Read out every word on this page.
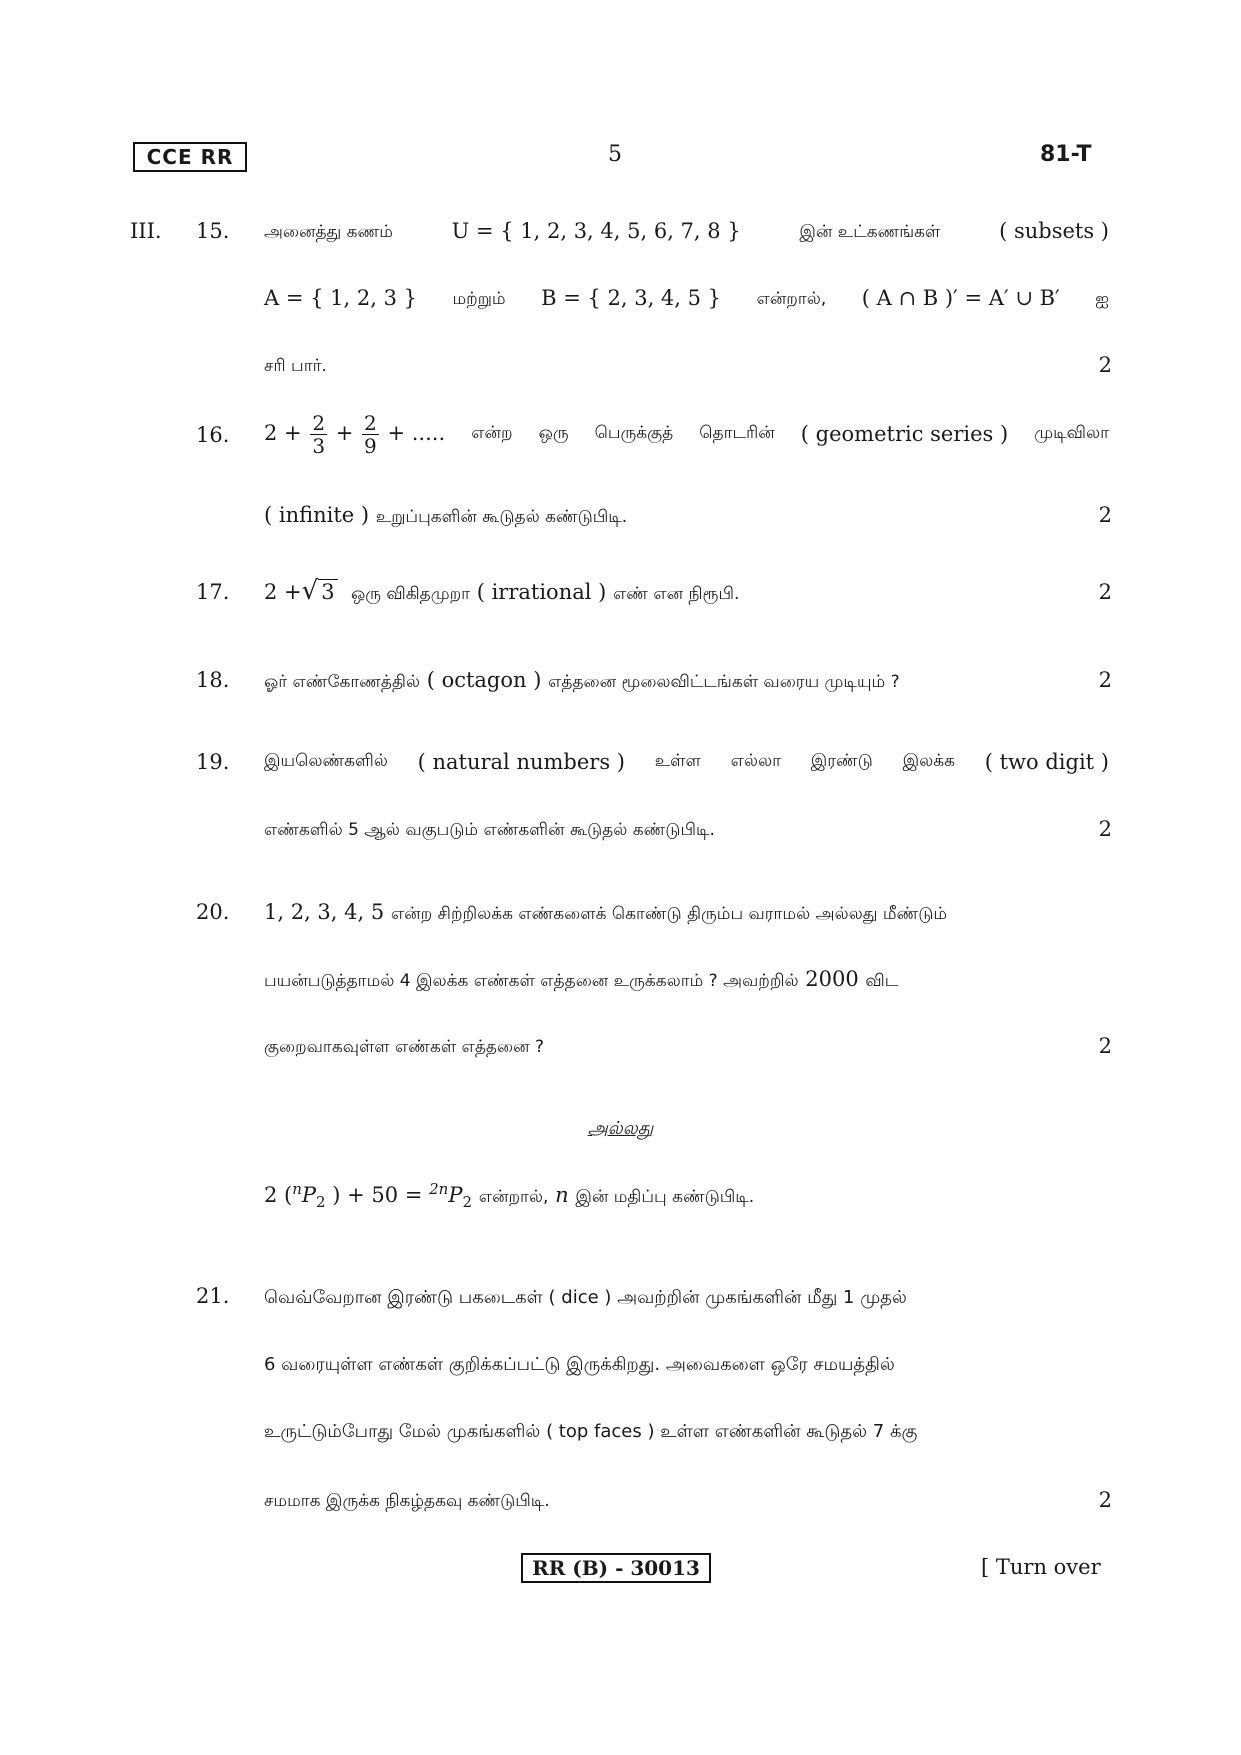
CCE RR	5	81-T
III. 15. அனைத்து கணம்	U = { 1, 2, 3, 4, 5, 6, 7, 8 }	இன் உட்கணங்கள்	( subsets )
A = { 1, 2, 3 } மற்றும் B = { 2, 3, 4, 5 } என்றால், ( A ∩ B )′ = A′ ∪ B′ ஐ
சரி பார்.	2
16. $2 + \frac{2}{3} + \frac{2}{9}$ + ..... என்ற ஒரு பெருக்குத் தொடரின் ( geometric series ) முடிவிலா
( infinite ) உறுப்புகளின் கூடுதல் கண்டுபிடி.	2
17. 2 +√ 3 ஒரு விகிதமுறா ( irrational ) எண் என நிரூபி.	2
18. ஓர் எண்கோணத்தில் ( octagon ) எத்தனை மூலைவிட்டங்கள் வரைய முடியும் ?	2
19. இயலெண்களில் ( natural numbers ) உள்ள எல்லா இரண்டு இலக்க ( two digit )
எண்களில் 5 ஆல் வகுபடும் எண்களின் கூடுதல் கண்டுபிடி.	2
20. 1, 2, 3, 4, 5 என்ற சிற்றிலக்க எண்களைக் கொண்டு திரும்ப வராமல் அல்லது மீண்டும்
பயன்படுத்தாமல் 4 இலக்க எண்கள் எத்தனை உருக்கலாம் ? அவற்றில் 2000 விட
குறைவாகவுள்ள எண்கள் எத்தனை ?	2
அல்லது
2 ($^nP_2$ ) + $50 = ^{2n}P_2$ என்றால், n இன் மதிப்பு கண்டுபிடி.
21. வெவ்வேறான இரண்டு பகடைகள் ( dice ) அவற்றின் முகங்களின் மீது 1 முதல்
6 வரையுள்ள எண்கள் குறிக்கப்பட்டு இருக்கிறது. அவைகளை ஒரே சமயத்தில்
உருட்டும்போது மேல் முகங்களில் ( top faces ) உள்ள எண்களின் கூடுதல் 7 க்கு
சமமாக இருக்க நிகழ்தகவு கண்டுபிடி.	2
RR (B) - 30013	[ Turn over
